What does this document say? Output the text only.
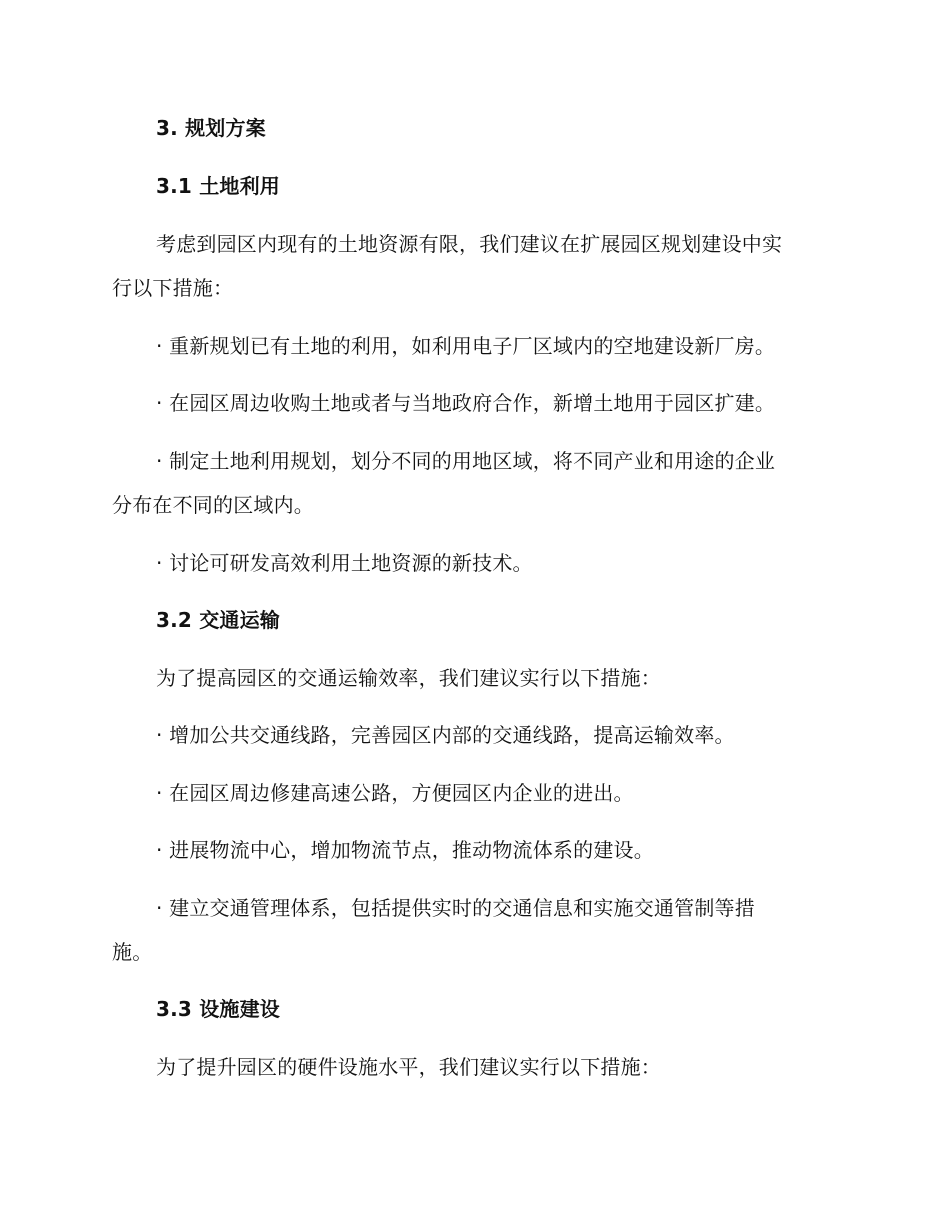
3. 规划方案
3.1 土地利用
考虑到园区内现有的土地资源有限，我们建议在扩展园区规划建设中实
行以下措施：
· 重新规划已有土地的利用，如利用电子厂区域内的空地建设新厂房。
· 在园区周边收购土地或者与当地政府合作，新增土地用于园区扩建。
· 制定土地利用规划，划分不同的用地区域，将不同产业和用途的企业
分布在不同的区域内。
· 讨论可研发高效利用土地资源的新技术。
3.2 交通运输
为了提高园区的交通运输效率，我们建议实行以下措施：
· 增加公共交通线路，完善园区内部的交通线路，提高运输效率。
· 在园区周边修建高速公路，方便园区内企业的进出。
· 进展物流中心，增加物流节点，推动物流体系的建设。
· 建立交通管理体系，包括提供实时的交通信息和实施交通管制等措
施。
3.3 设施建设
为了提升园区的硬件设施水平，我们建议实行以下措施：
